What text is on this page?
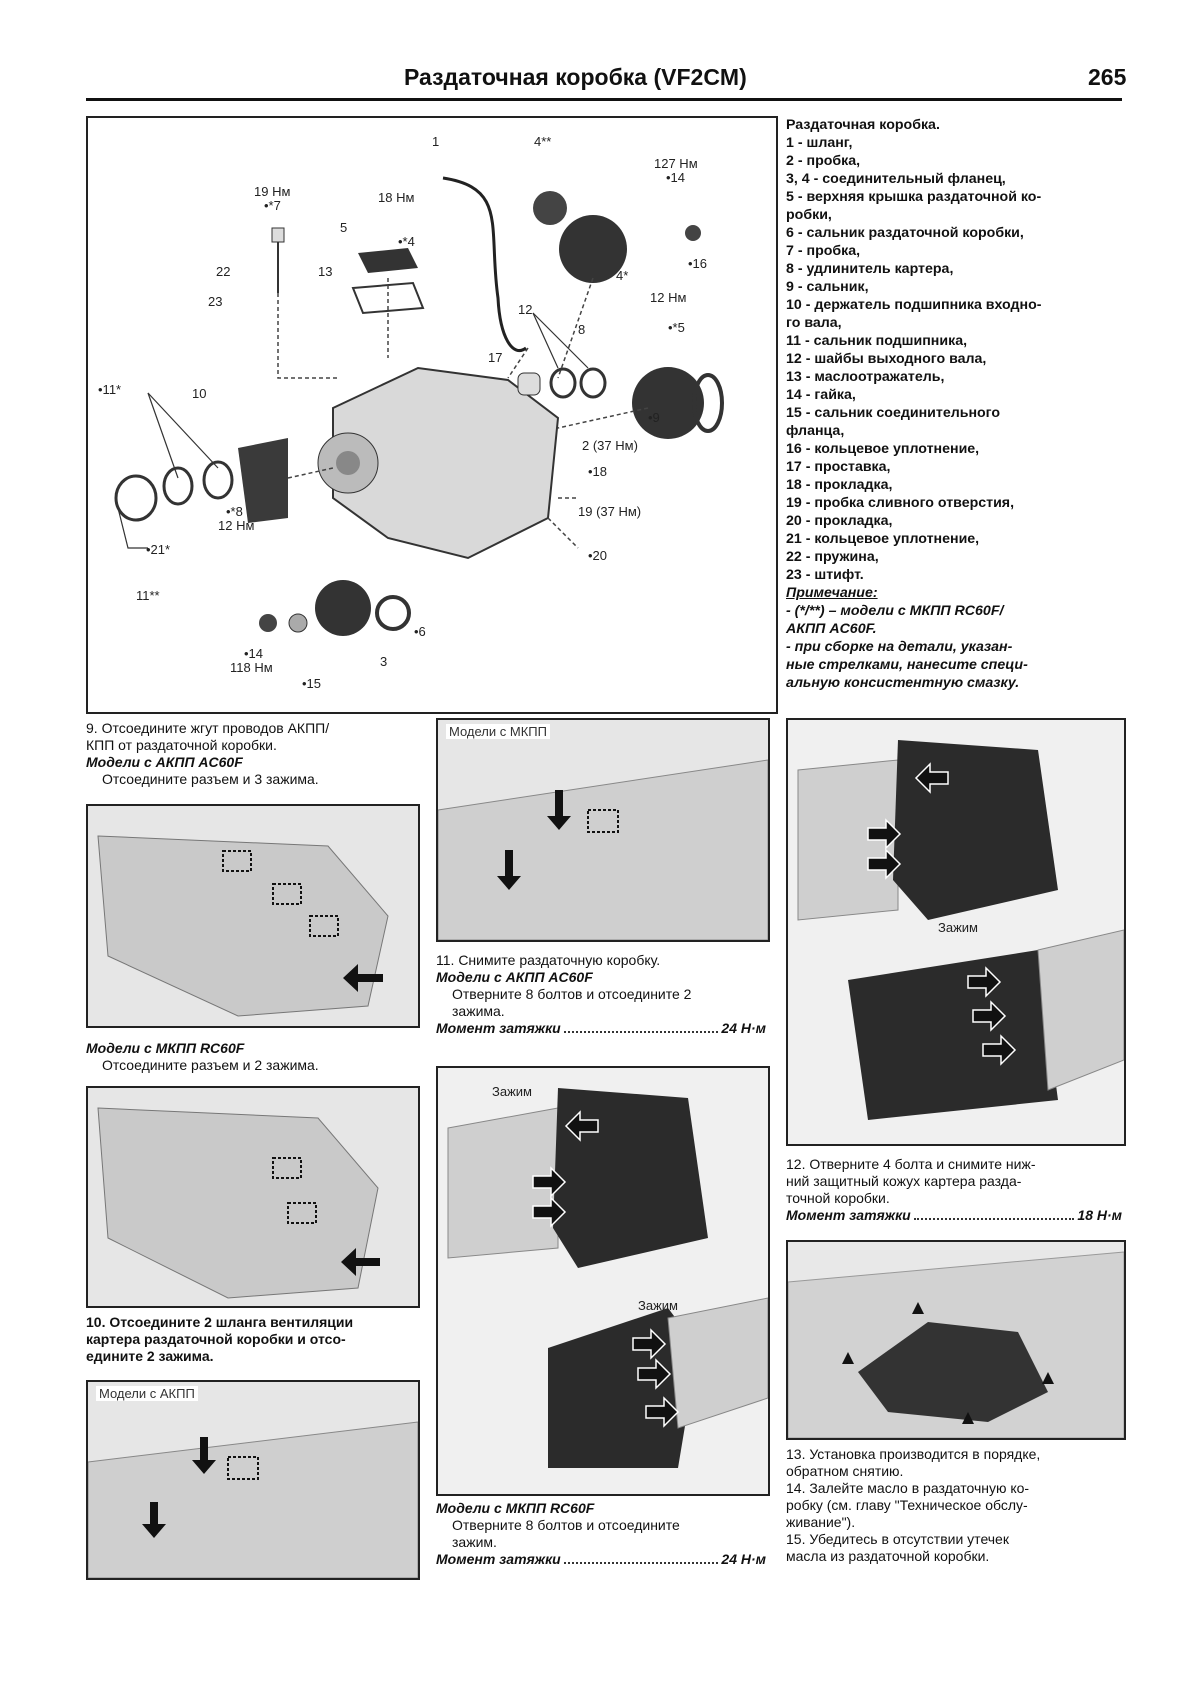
Раздаточная коробка (VF2CM)	265
1	4**
127 Нм
•14
19 Нм
•*7
18 Нм
•*4
5
13
22
23
4*
•16
12 Нм
•*5
12
8
17
•11*	10
2 (37 Нм)
•18
•9
•*8
12 Нм
•21*
19 (37 Нм)
•20
11**
•14
118 Нм
•15
3
•6
Раздаточная коробка.
1 - шланг,
2 - пробка,
3, 4 - соединительный фланец,
5 - верхняя крышка раздаточной ко-
робки,
6 - сальник раздаточной коробки,
7 - пробка,
8 - удлинитель картера,
9 - сальник,
10 - держатель подшипника входно-
го вала,
11 - сальник подшипника,
12 - шайбы выходного вала,
13 - маслоотражатель,
14 - гайка,
15 - сальник соединительного
фланца,
16 - кольцевое уплотнение,
17 - проставка,
18 - прокладка,
19 - пробка сливного отверстия,
20 - прокладка,
21 - кольцевое уплотнение,
22 - пружина,
23 - штифт.
Примечание:
- (*/**) – модели с МКПП RC60F/
АКПП AC60F.
- при сборке на детали, указан-
ные стрелками, нанесите специ-
альную консистентную смазку.
9. Отсоедините жгут проводов АКПП/
КПП от раздаточной коробки.
Модели с АКПП AC60F
Отсоедините разъем и 3 зажима.
Модели с МКПП RC60F
Отсоедините разъем и 2 зажима.
10. Отсоедините 2 шланга вентиляции
картера раздаточной коробки и отсо-
едините 2 зажима.
Модели с АКПП
Модели с МКПП
11. Снимите раздаточную коробку.
Модели с АКПП AC60F
Отверните 8 болтов и отсоедините 2
зажима.
Момент затяжки	24 Н·м
Зажим
Зажим
Модели с МКПП RC60F
Отверните 8 болтов и отсоедините
зажим.
Момент затяжки	24 Н·м
Зажим
12. Отверните 4 болта и снимите ниж-
ний защитный кожух картера разда-
точной коробки.
Момент затяжки	18 Н·м
13. Установка производится в порядке,
обратном снятию.
14. Залейте масло в раздаточную ко-
робку (см. главу "Техническое обслу-
живание").
15. Убедитесь в отсутствии утечек
масла из раздаточной коробки.
